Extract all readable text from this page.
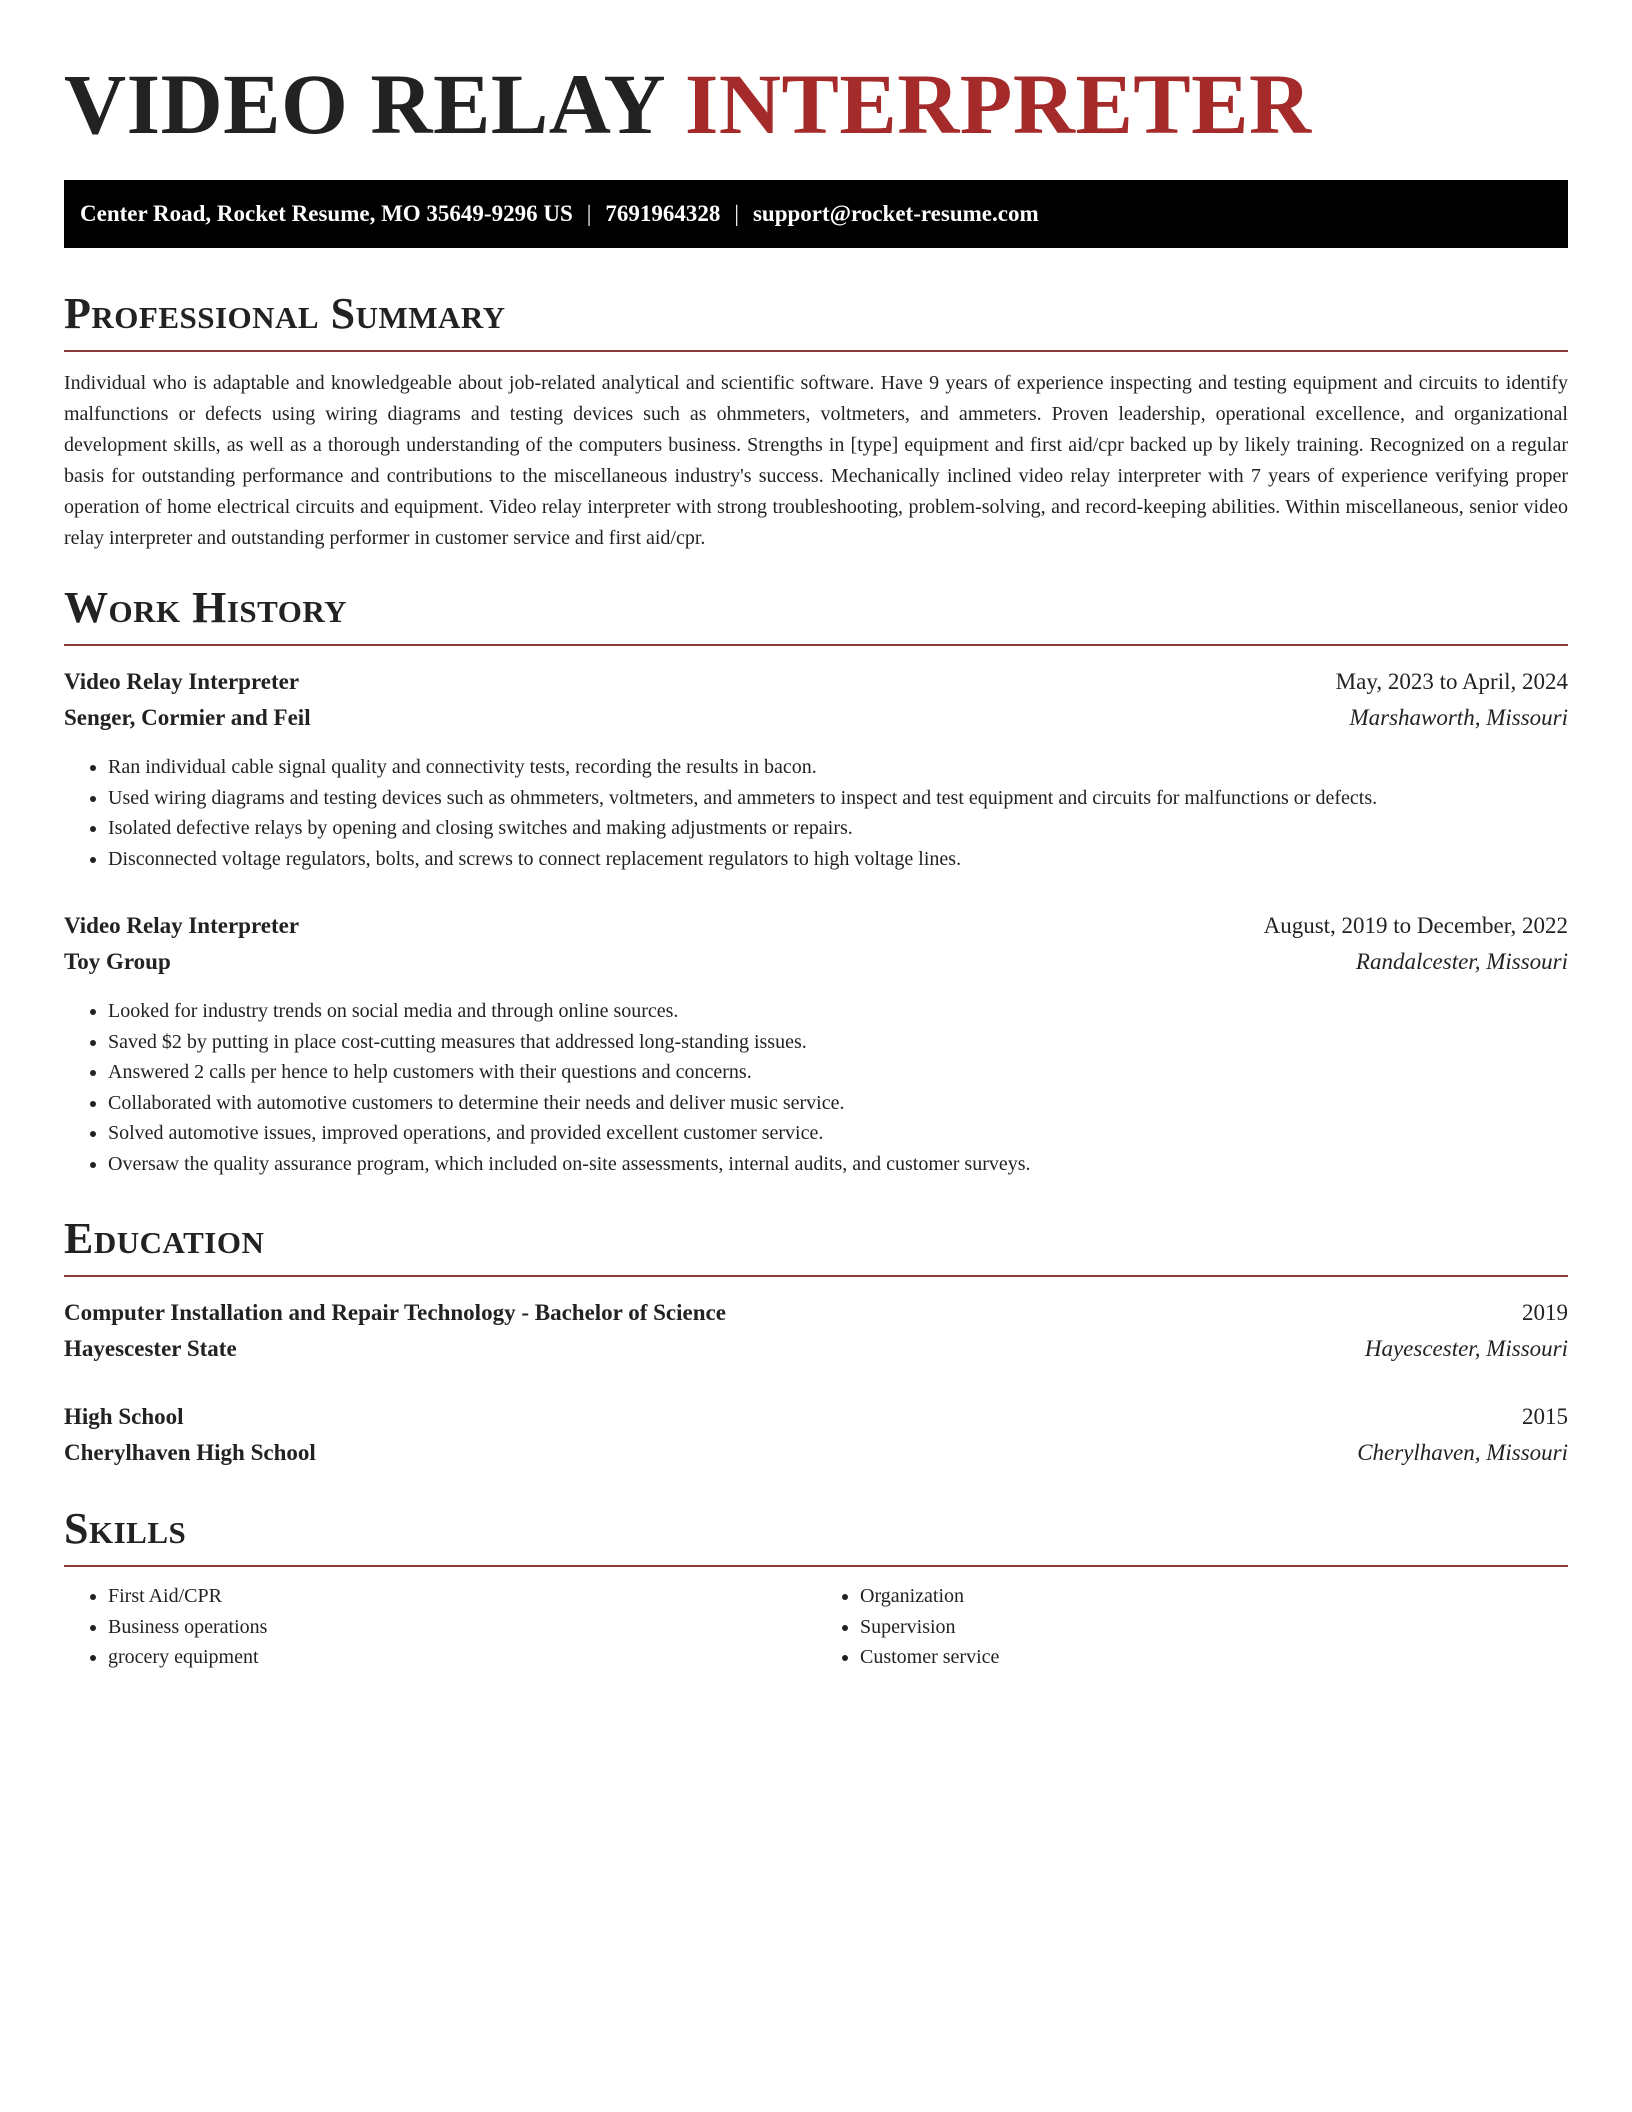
VIDEO RELAY INTERPRETER
Center Road, Rocket Resume, MO 35649-9296 US | 7691964328 | support@rocket-resume.com
Professional Summary

Individual who is adaptable and knowledgeable about job-related analytical and scientific software. Have 9 years of experience inspecting and testing equipment and circuits to identify malfunctions or defects using wiring diagrams and testing devices such as ohmmeters, voltmeters, and ammeters. Proven leadership, operational excellence, and organizational development skills, as well as a thorough understanding of the computers business. Strengths in [type] equipment and first aid/cpr backed up by likely training. Recognized on a regular basis for outstanding performance and contributions to the miscellaneous industry's success. Mechanically inclined video relay interpreter with 7 years of experience verifying proper operation of home electrical circuits and equipment. Video relay interpreter with strong troubleshooting, problem-solving, and record-keeping abilities. Within miscellaneous, senior video relay interpreter and outstanding performer in customer service and first aid/cpr.

Work History
Video Relay Interpreter	May, 2023 to April, 2024
Senger, Cormier and Feil	Marshaworth, Missouri
• Ran individual cable signal quality and connectivity tests, recording the results in bacon.
• Used wiring diagrams and testing devices such as ohmmeters, voltmeters, and ammeters to inspect and test equipment and circuits for malfunctions or defects.
• Isolated defective relays by opening and closing switches and making adjustments or repairs.
• Disconnected voltage regulators, bolts, and screws to connect replacement regulators to high voltage lines.
Video Relay Interpreter	August, 2019 to December, 2022
Toy Group	Randalcester, Missouri
• Looked for industry trends on social media and through online sources.
• Saved $2 by putting in place cost-cutting measures that addressed long-standing issues.
• Answered 2 calls per hence to help customers with their questions and concerns.
• Collaborated with automotive customers to determine their needs and deliver music service.
• Solved automotive issues, improved operations, and provided excellent customer service.
• Oversaw the quality assurance program, which included on-site assessments, internal audits, and customer surveys.
Education
Computer Installation and Repair Technology - Bachelor of Science	2019
Hayescester State	Hayescester, Missouri
High School	2015
Cherylhaven High School	Cherylhaven, Missouri
Skills
• First Aid/CPR
• Business operations
• grocery equipment
• Organization
• Supervision
• Customer service
